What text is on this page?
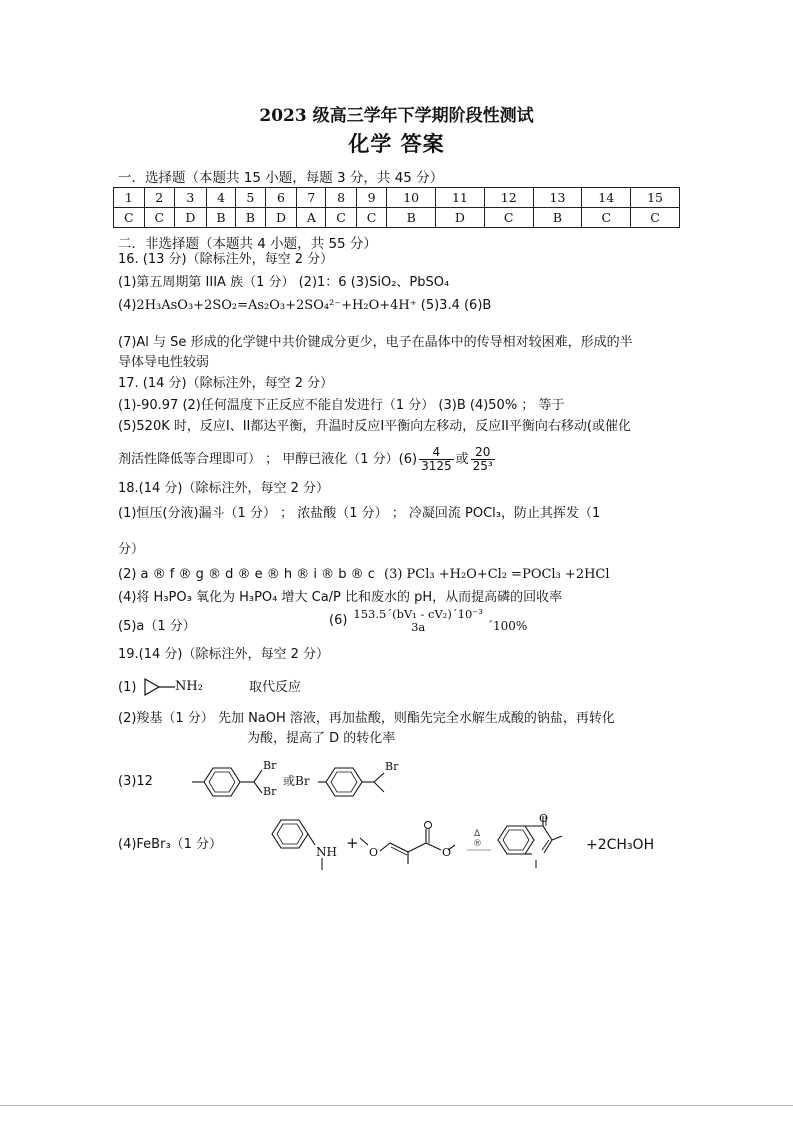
2023 级高三学年下学期阶段性测试
化学 答案
一．选择题（本题共 15 小题，每题 3 分，共 45 分）
1	2	3	4	5	6	7	8	9	10	11	12	13	14	15
C	C	D	B	B	D	A	C	C	B	D	C	B	C	C
二．非选择题（本题共 4 小题，共 55 分）
16. (13 分)（除标注外，每空 2 分）
(1)第五周期第 IIIA 族（1 分） (2)1：6 (3)SiO₂、PbSO₄
(4)2H₃AsO₃+2SO₂=As₂O₃+2SO₄²⁻+H₂O+4H⁺ (5)3.4 (6)B
(7)Al 与 Se 形成的化学键中共价键成分更少，电子在晶体中的传导相对较困难，形成的半
导体导电性较弱
17. (14 分)（除标注外，每空 2 分）
(1)-90.97 (2)任何温度下正反应不能自发进行（1 分） (3)B (4)50% ； 等于
(5)520K 时，反应I、II都达平衡，升温时反应I平衡向左移动，反应II平衡向右移动(或催化
剂活性降低等合理即可） ； 甲醇已液化（1 分）$(6) \frac{4}{3125}$ 或 $\frac{20}{\text{25³}}$
18.(14 分)（除标注外，每空 2 分）
(1)恒压(分液)漏斗（1 分） ； 浓盐酸（1 分） ； 冷凝回流 POCl₃，防止其挥发（1
分）
(2) a ® f ® g ® d ® e ® h ® i ® b ® c (3) PCl₃ +H₂O+Cl₂ =POCl₃ +2HCl
(4)将 H₃PO₃ 氧化为 H₃PO₄ 增大 Ca/P 比和废水的 pH，从而提高磷的回收率
(5)a（1 分）	(6) 153.5´(bV₁ - cV₂)´10⁻³
3a	´100%
19.(14 分)（除标注外，每空 2 分）
(1)	NH₂	取代反应
(2)羧基（1 分） 先加 NaOH 溶液，再加盐酸，则酯先完全水解生成酸的钠盐，再转化
为酸，提高了 D 的转化率
(3)12
Br
Br
或Br
Br
(4)FeBr₃（1 分）	NH +
O	O
Δ
®
O
+2CH₃OH
